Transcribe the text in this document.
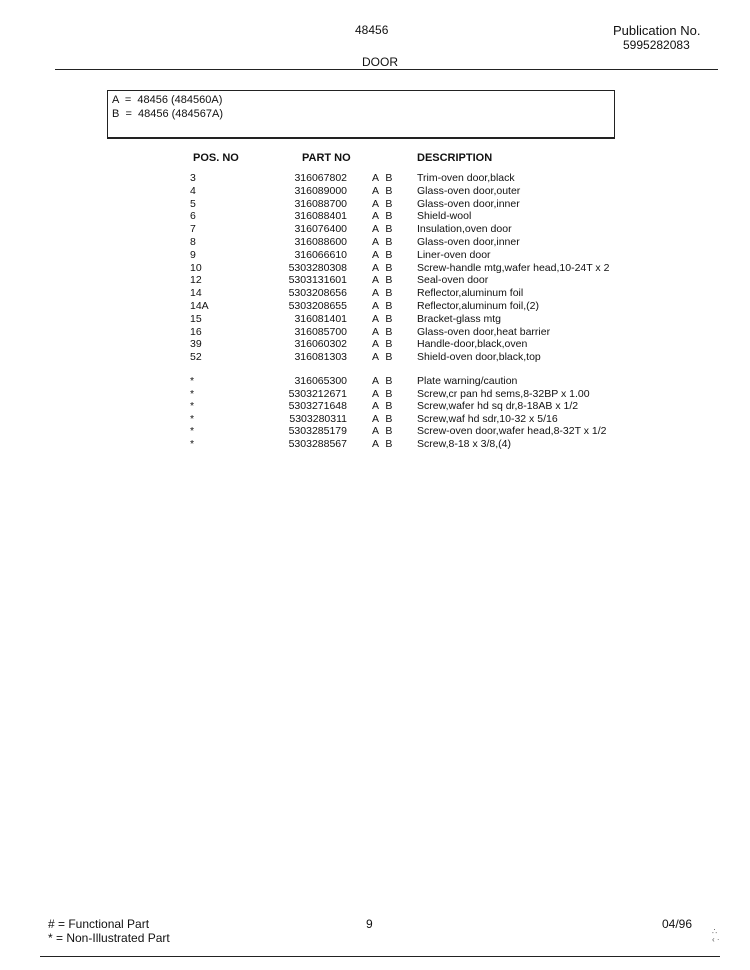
48456	Publication No.
5995282083
DOOR
A  =  48456 (484560A)
B  =  48456 (484567A)
POS. NO	PART NO	DESCRIPTION
3	316067802 A B Trim-oven door,black
4	316089000 A B Glass-oven door,outer
5	316088700 A B Glass-oven door,inner
6	316088401 A B Shield-wool
7	316076400 A B Insulation,oven door
8	316088600 A B Glass-oven door,inner
9	316066610 A B Liner-oven door
10	5303280308 A B Screw-handle mtg,wafer head,10-24T x 2
12	5303131601 A B Seal-oven door
14	5303208656 A B Reflector,aluminum foil
14A	5303208655 A B Reflector,aluminum foil,(2)
15	316081401 A B Bracket-glass mtg
16	316085700 A B Glass-oven door,heat barrier
39	316060302 A B Handle-door,black,oven
52	316081303 A B Shield-oven door,black,top
*	316065300 A B Plate warning/caution
*	5303212671 A B Screw,cr pan hd sems,8-32BP x 1.00
*	5303271648 A B Screw,wafer hd sq dr,8-18AB x 1/2
*	5303280311 A B Screw,waf hd sdr,10-32 x 5/16
*	5303285179 A B Screw-oven door,wafer head,8-32T x 1/2
*	5303288567 A B Screw,8-18 x 3/8,(4)
# = Functional Part
* = Non-Illustrated Part
9	04/96
∴
‹ ·
